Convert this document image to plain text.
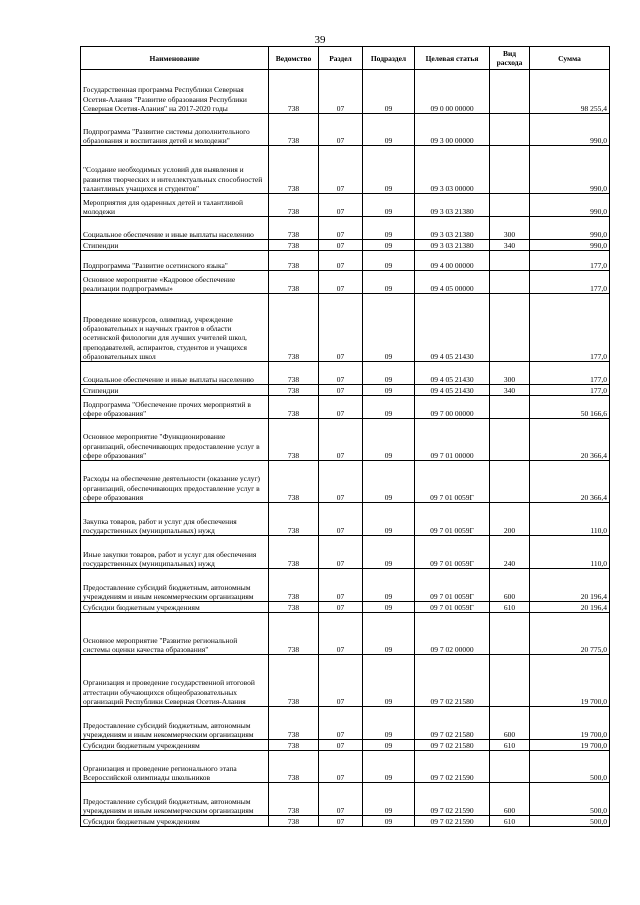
39
Наименование	Ведомство	Раздел	Подраздел	Целевая статья	Вид расхода	Сумма
Государственная программа Республики Северная Осетия-Алания "Развитие образования Республики Северная Осетия-Алания" на 2017-2020 годы	738	07	09	09 0 00 00000		98 255,4
Подпрограмма "Развитие системы дополнительного образования и воспитания детей и молодежи"	738	07	09	09 3 00 00000		990,0
"Создание необходимых условий для выявления и развития творческих и интеллектуальных способностей талантливых учащихся и студентов"	738	07	09	09 3 03 00000		990,0
Мероприятия для одаренных детей и талантливой молодежи	738	07	09	09 3 03 21380		990,0
Социальное обеспечение и иные выплаты населению	738	07	09	09 3 03 21380	300	990,0
Стипендии	738	07	09	09 3 03 21380	340	990,0
Подпрограмма "Развитие осетинского языка"	738	07	09	09 4 00 00000		177,0
Основное мероприятие «Кадровое обеспечение реализации подпрограммы»	738	07	09	09 4 05 00000		177,0
Проведение конкурсов, олимпиад, учреждение образовательных и научных грантов в области осетинской филологии для лучших учителей школ, преподавателей, аспирантов, студентов и учащихся образовательных школ	738	07	09	09 4 05 21430		177,0
Социальное обеспечение и иные выплаты населению	738	07	09	09 4 05 21430	300	177,0
Стипендии	738	07	09	09 4 05 21430	340	177,0
Подпрограмма "Обеспечение прочих мероприятий в сфере образования"	738	07	09	09 7 00 00000		50 166,6
Основное мероприятие "Функционирование организаций, обеспечивающих предоставление услуг в сфере образования"	738	07	09	09 7 01 00000		20 366,4
Расходы на обеспечение деятельности (оказание услуг) организаций, обеспечивающих предоставление услуг в сфере образования	738	07	09	09 7 01 0059Г		20 366,4
Закупка товаров, работ и услуг для обеспечения государственных (муниципальных) нужд	738	07	09	09 7 01 0059Г	200	110,0
Иные закупки товаров, работ и услуг для обеспечения государственных (муниципальных) нужд	738	07	09	09 7 01 0059Г	240	110,0
Предоставление субсидий бюджетным, автономным учреждениям и иным некоммерческим организациям	738	07	09	09 7 01 0059Г	600	20 196,4
Субсидии бюджетным учреждениям	738	07	09	09 7 01 0059Г	610	20 196,4
Основное мероприятие "Развитие региональной системы оценки качества образования"	738	07	09	09 7 02 00000		20 775,0
Организация и проведение государственной итоговой аттестации обучающихся общеобразовательных организаций Республики Северная Осетия-Алания	738	07	09	09 7 02 21580		19 700,0
Предоставление субсидий бюджетным, автономным учреждениям и иным некоммерческим организациям	738	07	09	09 7 02 21580	600	19 700,0
Субсидии бюджетным учреждениям	738	07	09	09 7 02 21580	610	19 700,0
Организация и проведение регионального этапа Всероссийской олимпиады школьников	738	07	09	09 7 02 21590		500,0
Предоставление субсидий бюджетным, автономным учреждениям и иным некоммерческим организациям	738	07	09	09 7 02 21590	600	500,0
Субсидии бюджетным учреждениям	738	07	09	09 7 02 21590	610	500,0
